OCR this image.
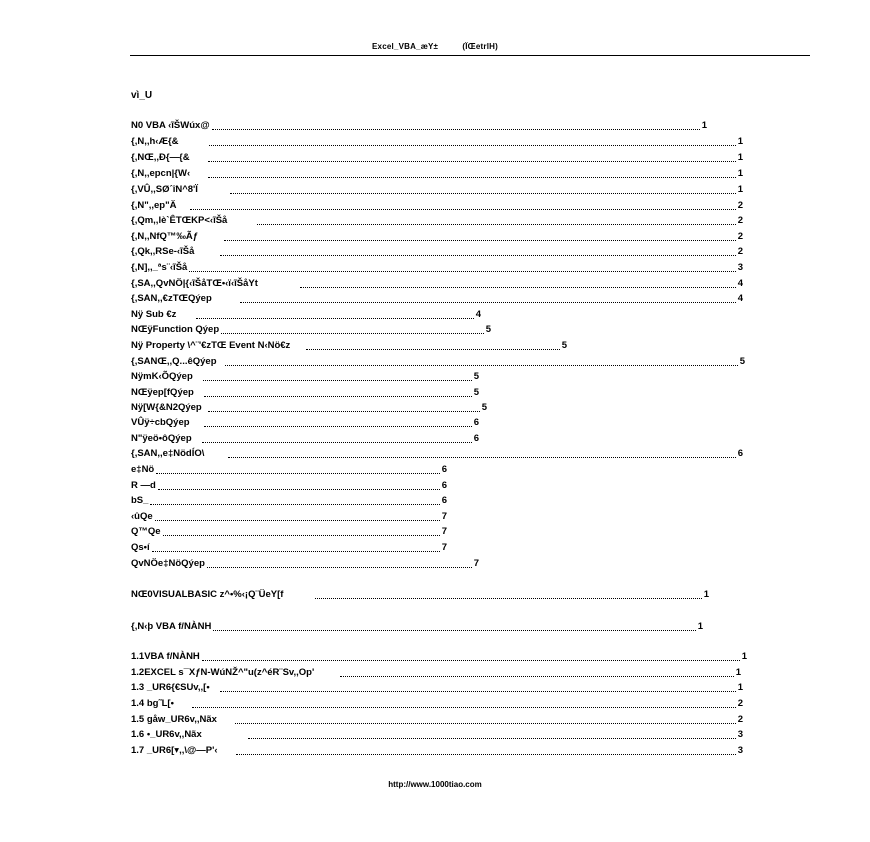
Excel_VBA_æY±          (ÏŒetrlH)
vì_U
N0 VBA ‹ĩŠWúx@	1
{,N,,h‹Æ{&	1
{,NŒ,,Ð{—{&	1
{,N,,epcn|{W‹	1
{,VÛ,,SØ´îN^8'Ï	1
{,N",,ep"Ä	2
{,Qm,,lè`ÊTŒKP<‹ĩŠå	2
{,N,,NfQ™‰Ãƒ	2
{,Qk,,RSe-‹ĩŠå	2
{,N],,_ªs¨‹ĩŠå	3
{,SA,,QvNÖ|{‹ĩŠåTŒ•‹ï‹ĩŠåYt	4
{,SAN,,€zTŒQýep	4
Nÿ Sub €z	4
NŒÿFunction Qýep	5
Nÿ Property \^¨'€zTŒ Event N‹Nö€z	5
{,SANŒ,,Q...êQýep	5
NÿmK‹ÕQýep	5
NŒÿep[fQýep	5
Nÿ[W{&N2Qýep	5
VÛÿ÷cbQýep	6
N"ÿeö•ôQýep	6
{,SAN,,e‡NödÍO\	6
e‡Nö	6
R —d	6
bS_	6
‹ûQe	7
Q™Qe	7
Qs•í	7
QvNÖe‡NöQýep	7
NŒ0VISUALBASIC z^•%‹¡Q¨ÜeY[f	1
{,N‹þ VBA f/NÀNH	1
1.1VBA f/NÀNH	1
1.2EXCEL s¯XƒN-WúNŽ^"u(z^éR¨Sv,,Op'	1
1.3 _UR6{€SUv,,[•	1
1.4 bg˜L[•	2
1.5 gåw_UR6v,,Nãx	2
1.6 •_UR6v,,Nãx	3
1.7 _UR6[▾,,\@—P'‹	3
http://www.1000tiao.com
